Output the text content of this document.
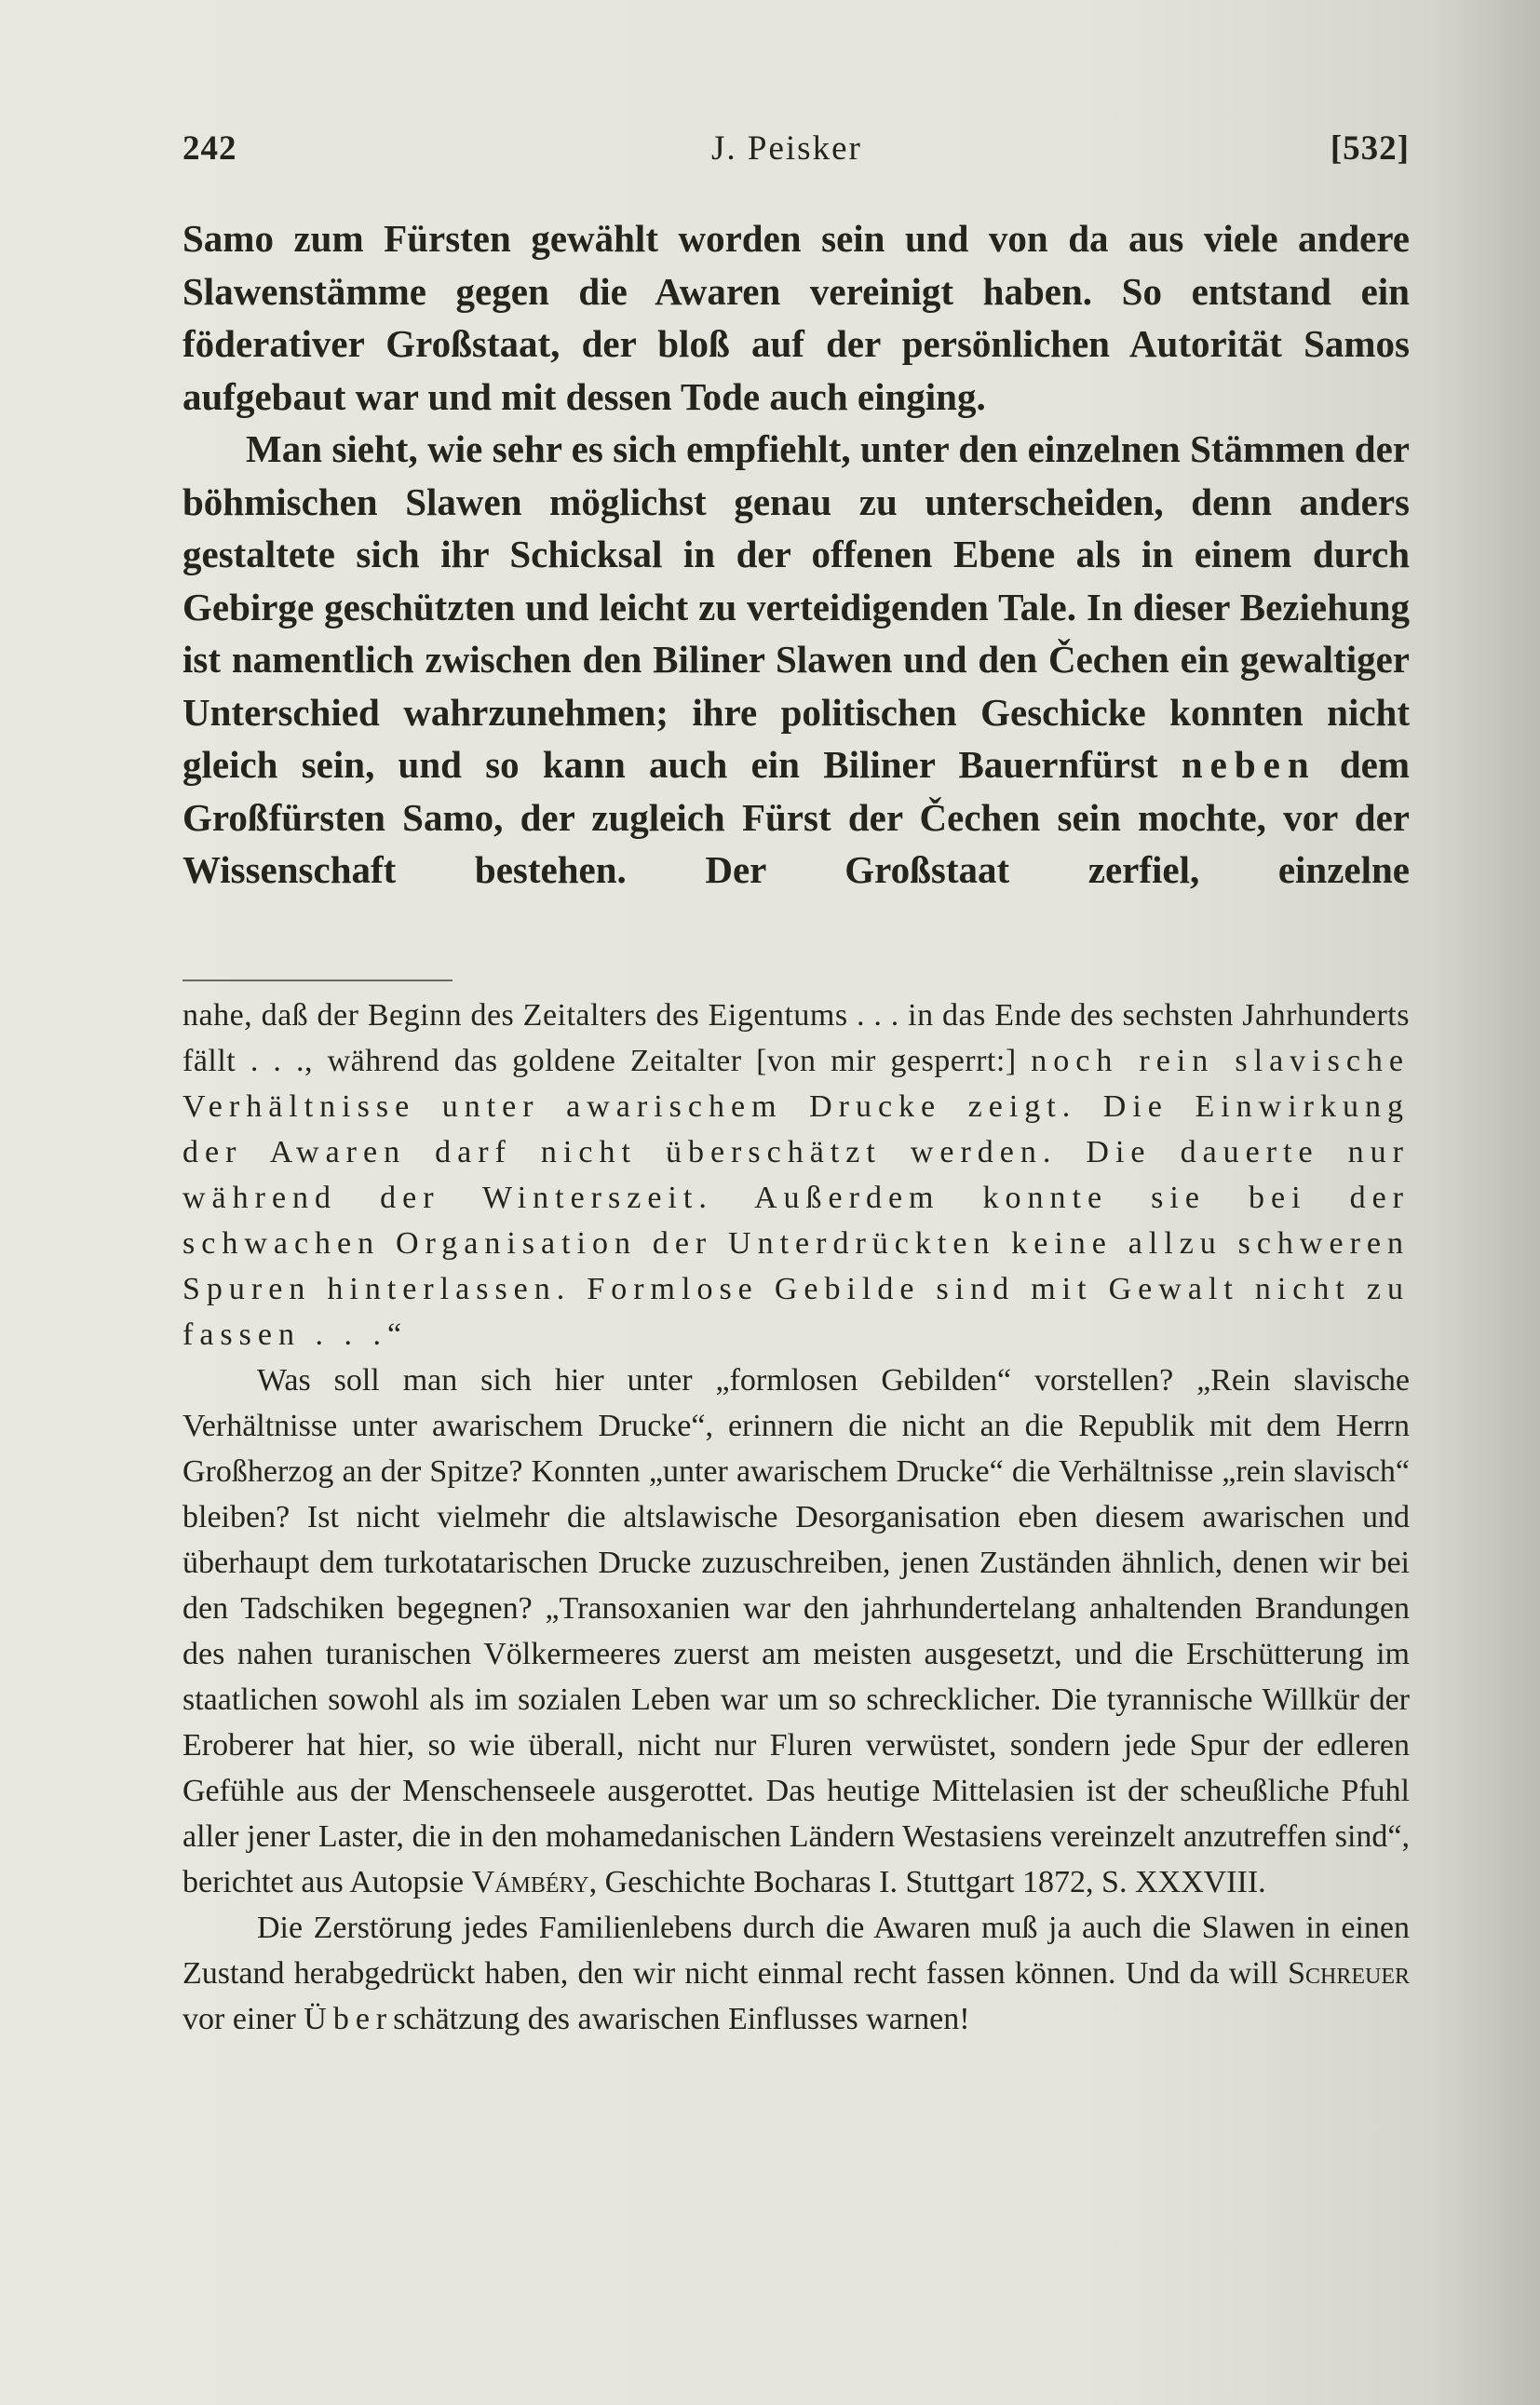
242	J. Peisker	[532]

Samo zum Fürsten gewählt worden sein und von da aus viele andere Slawenstämme gegen die Awaren vereinigt haben. So entstand ein föderativer Großstaat, der bloß auf der persönlichen Autorität Samos aufgebaut war und mit dessen Tode auch einging.

Man sieht, wie sehr es sich empfiehlt, unter den einzelnen Stämmen der böhmischen Slawen möglichst genau zu unterscheiden, denn anders gestaltete sich ihr Schicksal in der offenen Ebene als in einem durch Gebirge geschützten und leicht zu verteidigenden Tale. In dieser Beziehung ist namentlich zwischen den Biliner Slawen und den Čechen ein gewaltiger Unterschied wahrzunehmen; ihre politischen Geschicke konnten nicht gleich sein, und so kann auch ein Biliner Bauernfürst neben dem Großfürsten Samo, der zugleich Fürst der Čechen sein mochte, vor der Wissenschaft bestehen. Der Großstaat zerfiel, einzelne

nahe, daß der Beginn des Zeitalters des Eigentums . . . in das Ende des sechsten Jahrhunderts fällt . . ., während das goldene Zeitalter [von mir gesperrt:] noch rein slavische Verhältnisse unter awarischem Drucke zeigt. Die Einwirkung der Awaren darf nicht überschätzt werden. Die dauerte nur während der Winterszeit. Außerdem konnte sie bei der schwachen Organisation der Unterdrückten keine allzu schweren Spuren hinterlassen. Formlose Gebilde sind mit Gewalt nicht zu fassen . . .“

Was soll man sich hier unter „formlosen Gebilden“ vorstellen? „Rein slavische Verhältnisse unter awarischem Drucke“, erinnern die nicht an die Republik mit dem Herrn Großherzog an der Spitze? Konnten „unter awarischem Drucke“ die Verhältnisse „rein slavisch“ bleiben? Ist nicht vielmehr die altslawische Desorganisation eben diesem awarischen und überhaupt dem turkotatarischen Drucke zuzuschreiben, jenen Zuständen ähnlich, denen wir bei den Tadschiken begegnen? „Transoxanien war den jahrhundertelang anhaltenden Brandungen des nahen turanischen Völkermeeres zuerst am meisten ausgesetzt, und die Erschütterung im staatlichen sowohl als im sozialen Leben war um so schrecklicher. Die tyrannische Willkür der Eroberer hat hier, so wie überall, nicht nur Fluren verwüstet, sondern jede Spur der edleren Gefühle aus der Menschenseele ausgerottet. Das heutige Mittelasien ist der scheußliche Pfuhl aller jener Laster, die in den mohamedanischen Ländern Westasiens vereinzelt anzutreffen sind“, berichtet aus Autopsie Vámbéry, Geschichte Bocharas I. Stuttgart 1872, S. XXXVIII.

Die Zerstörung jedes Familienlebens durch die Awaren muß ja auch die Slawen in einen Zustand herabgedrückt haben, den wir nicht einmal recht fassen können. Und da will Schreuer vor einer Überschätzung des awarischen Einflusses warnen!
